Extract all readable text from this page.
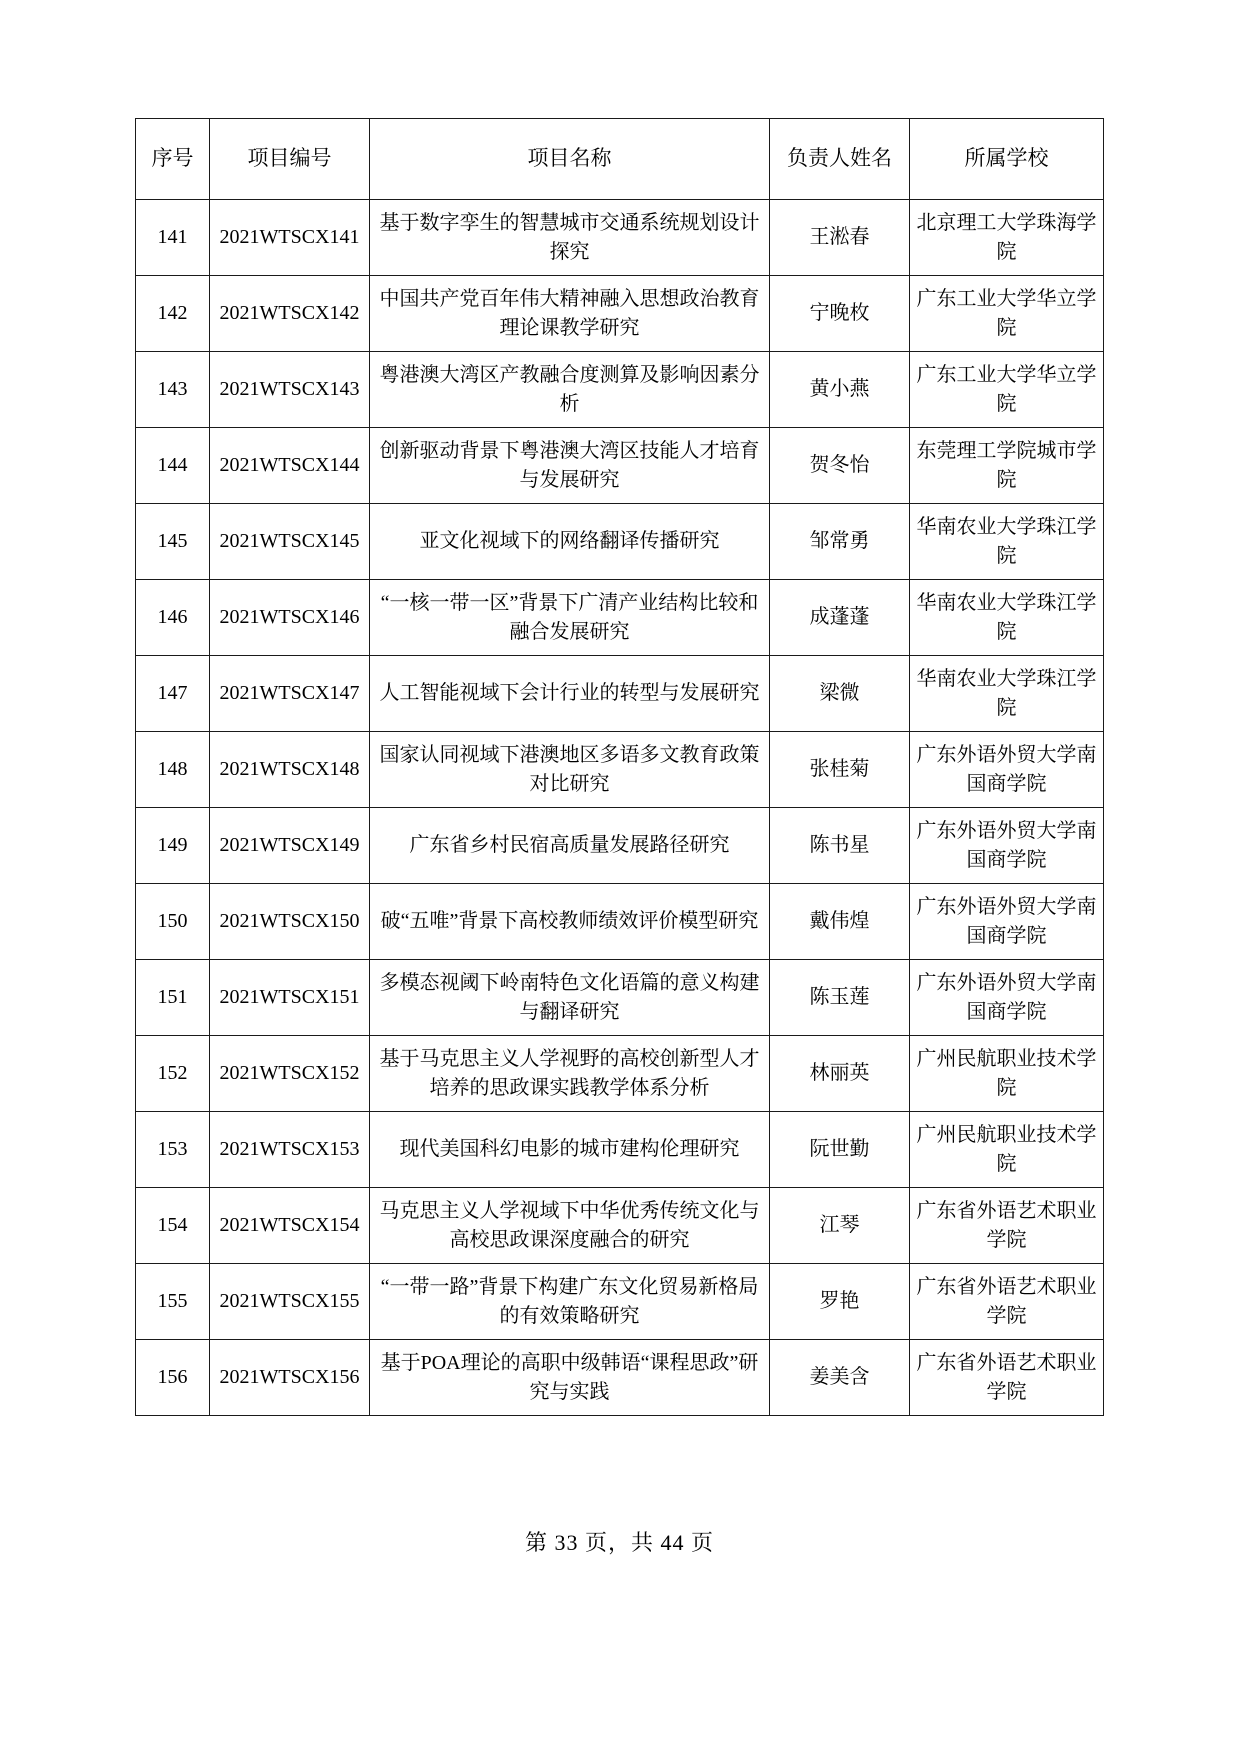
序号	项目编号	项目名称	负责人姓名	所属学校
141	2021WTSCX141	基于数字孪生的智慧城市交通系统规划设计探究	王淞春	北京理工大学珠海学院
142	2021WTSCX142	中国共产党百年伟大精神融入思想政治教育理论课教学研究	宁晚枚	广东工业大学华立学院
143	2021WTSCX143	粤港澳大湾区产教融合度测算及影响因素分析	黄小燕	广东工业大学华立学院
144	2021WTSCX144	创新驱动背景下粤港澳大湾区技能人才培育与发展研究	贺冬怡	东莞理工学院城市学院
145	2021WTSCX145	亚文化视域下的网络翻译传播研究	邹常勇	华南农业大学珠江学院
146	2021WTSCX146	“一核一带一区”背景下广清产业结构比较和融合发展研究	成蓬蓬	华南农业大学珠江学院
147	2021WTSCX147	人工智能视域下会计行业的转型与发展研究	梁微	华南农业大学珠江学院
148	2021WTSCX148	国家认同视域下港澳地区多语多文教育政策对比研究	张桂菊	广东外语外贸大学南国商学院
149	2021WTSCX149	广东省乡村民宿高质量发展路径研究	陈书星	广东外语外贸大学南国商学院
150	2021WTSCX150	破“五唯”背景下高校教师绩效评价模型研究	戴伟煌	广东外语外贸大学南国商学院
151	2021WTSCX151	多模态视阈下岭南特色文化语篇的意义构建与翻译研究	陈玉莲	广东外语外贸大学南国商学院
152	2021WTSCX152	基于马克思主义人学视野的高校创新型人才培养的思政课实践教学体系分析	林丽英	广州民航职业技术学院
153	2021WTSCX153	现代美国科幻电影的城市建构伦理研究	阮世勤	广州民航职业技术学院
154	2021WTSCX154	马克思主义人学视域下中华优秀传统文化与高校思政课深度融合的研究	江琴	广东省外语艺术职业学院
155	2021WTSCX155	“一带一路”背景下构建广东文化贸易新格局的有效策略研究	罗艳	广东省外语艺术职业学院
156	2021WTSCX156	基于POA理论的高职中级韩语“课程思政”研究与实践	姜美含	广东省外语艺术职业学院
第 33 页，共 44 页
